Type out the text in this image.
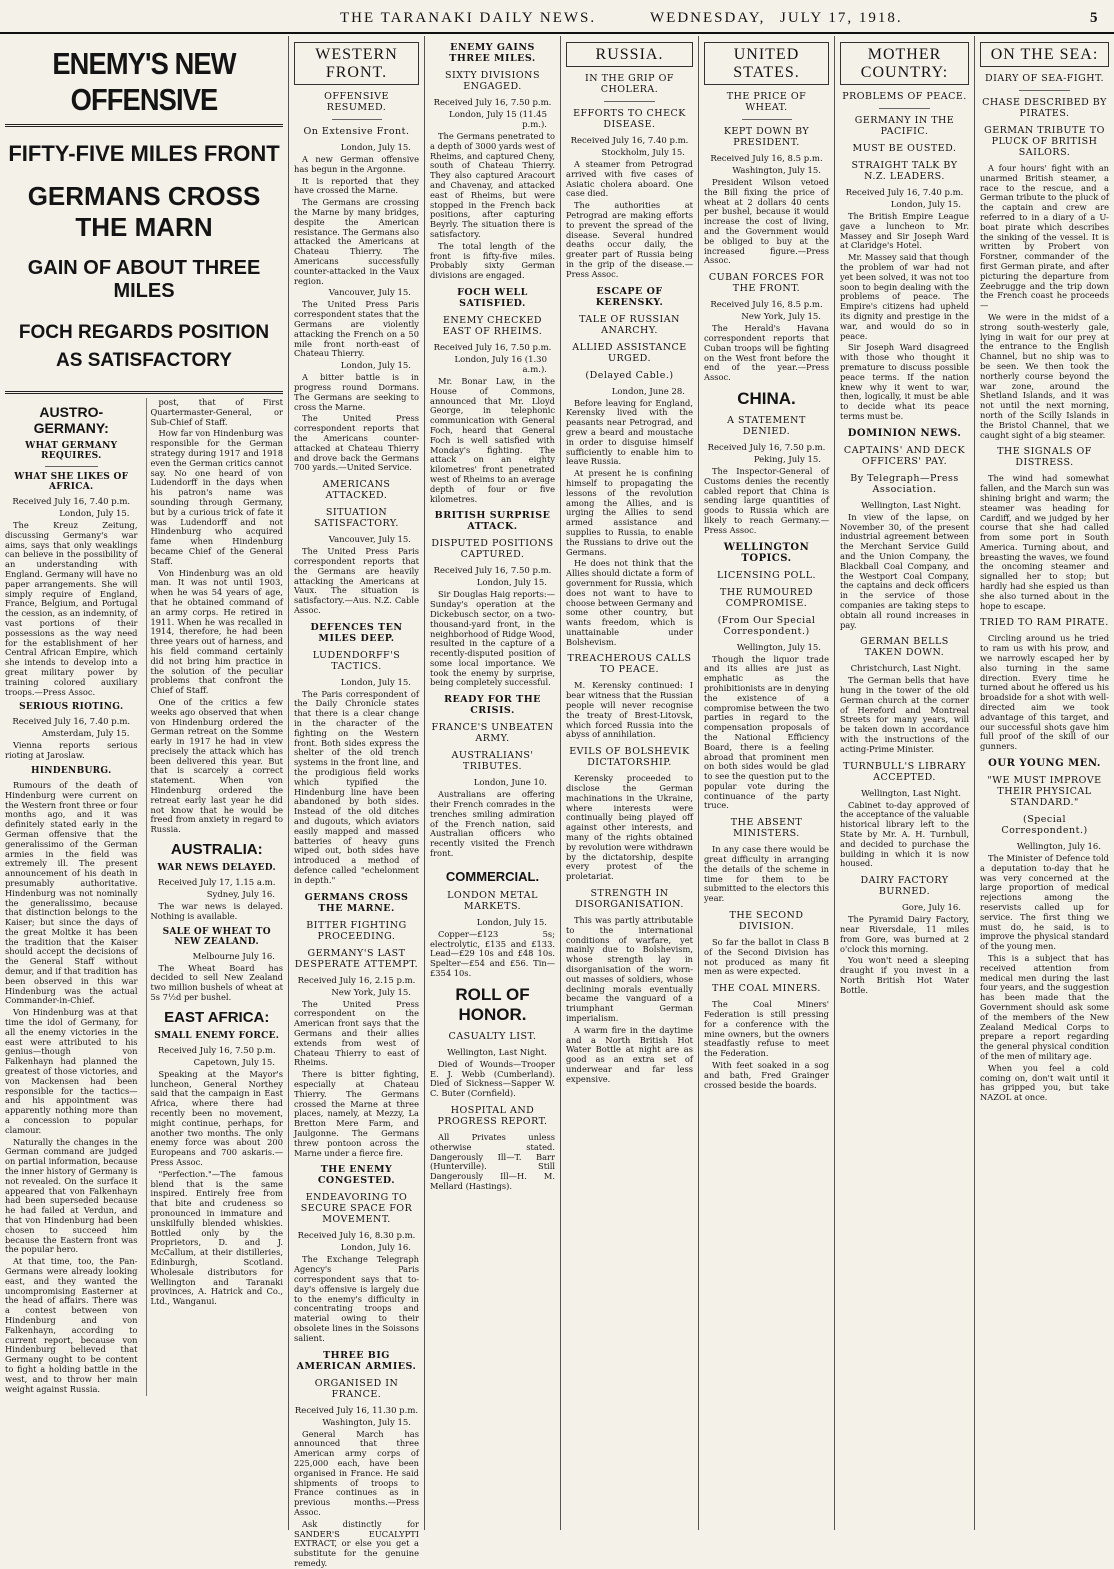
THE TARANAKI DAILY NEWS.	WEDNESDAY, JULY 17, 1918.	5
ENEMY'S NEW OFFENSIVE
FIFTY-FIVE MILES FRONT
GERMANS CROSS THE MARN
GAIN OF ABOUT THREE MILES
FOCH REGARDS POSITION AS SATISFACTORY
AUSTRO-GERMANY:
WHAT GERMANY REQUIRES.
WHAT SHE LIKES OF AFRICA.
Received July 16, 7.40 p.m.
London, July 15.

The Kreuz Zeitung, discussing Germany's war aims, says that only weaklings can believe in the possibility of an understanding with England. Germany will have no paper arrangements. She will simply require of England, France, Belgium, and Portugal the cession, as an indemnity, of vast portions of their possessions as the way need for the establishment of her Central African Empire, which she intends to develop into a great military power by training colored auxiliary troops.—Press Assoc.

SERIOUS RIOTING.
Received July 16, 7.40 p.m.
Amsterdam, July 15.

Vienna reports serious rioting at Jaroslaw.

HINDENBURG.

Rumours of the death of Hindenburg were current on the Western front three or four months ago, and it was definitely stated early in the German offensive that the generalissimo of the German armies in the field was extremely ill. The present announcement of his death in presumably authoritative. Hindenburg was not nominally the generalissimo, because that distinction belongs to the Kaiser; but since the days of the great Moltke it has been the tradition that the Kaiser should accept the decisions of the General Staff without demur, and if that tradition has been observed in this war Hindenburg was the actual Commander-in-Chief.

Von Hindenburg was at that time the idol of Germany, for all the enemy victories in the east were attributed to his genius—though von Falkenhayn had planned the greatest of those victories, and von Mackensen had been responsible for the tactics—and his appointment was apparently nothing more than a concession to popular clamour.

Naturally the changes in the German command are judged on partial information, because the inner history of Germany is not revealed. On the surface it appeared that von Falkenhayn had been superseded because he had failed at Verdun, and that von Hindenburg had been chosen to succeed him because the Eastern front was the popular hero.

At that time, too, the Pan-Germans were already looking east, and they wanted the uncompromising Easterner at the head of affairs. There was a contest between von Hindenburg and von Falkenhayn, according to current report, because von Hindenburg believed that Germany ought to be content to fight a holding battle in the west, and to throw her main weight against Russia.

post, that of First Quartermaster-General, or Sub-Chief of Staff.

How far von Hindenburg was responsible for the German strategy during 1917 and 1918 even the German critics cannot say. No one heard of von Ludendorff in the days when his patron's name was sounding through Germany, but by a curious trick of fate it was Ludendorff and not Hindenburg who acquired fame when Hindenburg became Chief of the General Staff.

Von Hindenburg was an old man. It was not until 1903, when he was 54 years of age, that he obtained command of an army corps. He retired in 1911. When he was recalled in 1914, therefore, he had been three years out of harness, and his field command certainly did not bring him practice in the solution of the peculiar problems that confront the Chief of Staff.

One of the critics a few weeks ago observed that when von Hindenburg ordered the German retreat on the Somme early in 1917 he had in view precisely the attack which has been delivered this year. But that is scarcely a correct statement. When von Hindenburg ordered the retreat early last year he did not know that he would be freed from anxiety in regard to Russia.

AUSTRALIA:
WAR NEWS DELAYED.
Received July 17, 1.15 a.m.
Sydney, July 16.

The war news is delayed. Nothing is available.

SALE OF WHEAT TO NEW ZEALAND.
Melbourne July 16.

The Wheat Board has decided to sell New Zealand two million bushels of wheat at 5s 7½d per bushel.

EAST AFRICA:
SMALL ENEMY FORCE.
Received July 16, 7.50 p.m.
Capetown, July 15.

Speaking at the Mayor's luncheon, General Northey said that the campaign in East Africa, where there had recently been no movement, might continue, perhaps, for another two months. The only enemy force was about 200 Europeans and 700 askaris.—Press Assoc.

"Perfection."—The famous blend that is the same inspired. Entirely free from that bite and crudeness so pronounced in immature and unskilfully blended whiskies. Bottled only by the Proprietors, D. and J. McCallum, at their distilleries, Edinburgh, Scotland. Wholesale distributors for Wellington and Taranaki provinces, A. Hatrick and Co., Ltd., Wanganui.

WESTERN FRONT.
OFFENSIVE RESUMED.
On Extensive Front.
London, July 15.

A new German offensive has begun in the Argonne.

It is reported that they have crossed the Marne.

The Germans are crossing the Marne by many bridges, despite the American resistance. The Germans also attacked the Americans at Chateau Thierry. The Americans successfully counter-attacked in the Vaux region.

Vancouver, July 15.

The United Press Paris correspondent states that the Germans are violently attacking the French on a 50 mile front north-east of Chateau Thierry.

London, July 15.

A bitter battle is in progress round Dormans. The Germans are seeking to cross the Marne.

The United Press correspondent reports that the Americans counter-attacked at Chateau Thierry and drove back the Germans 700 yards.—United Service.

AMERICANS ATTACKED.
SITUATION SATISFACTORY.
Vancouver, July 15.

The United Press Paris correspondent reports that the Germans are heavily attacking the Americans at Vaux. The situation is satisfactory.—Aus. N.Z. Cable Assoc.

DEFENCES TEN MILES DEEP.
LUDENDORFF'S TACTICS.
London, July 15.

The Paris correspondent of the Daily Chronicle states that there is a clear change in the character of the fighting on the Western front. Both sides express the shelter of the old trench systems in the front line, and the prodigious field works which typified the Hindenburg line have been abandoned by both sides. Instead of the old ditches and dugouts, which aviators easily mapped and massed batteries of heavy guns wiped out, both sides have introduced a method of defence called "echelonment in depth."

GERMANS CROSS THE MARNE.
BITTER FIGHTING PROCEEDING.
GERMANY'S LAST DESPERATE ATTEMPT.
Received July 16, 2.15 p.m.
New York, July 15.

The United Press correspondent on the American front says that the Germans and their allies extends from west of Chateau Thierry to east of Rheims.

There is bitter fighting, especially at Chateau Thierry. The Germans crossed the Marne at three places, namely, at Mezzy, La Bretton Mere Farm, and Jaulgonne. The Germans threw pontoon across the Marne under a fierce fire.

THE ENEMY CONGESTED.
ENDEAVORING TO SECURE SPACE FOR MOVEMENT.
Received July 16, 8.30 p.m.
London, July 16.

The Exchange Telegraph Agency's Paris correspondent says that to-day's offensive is largely due to the enemy's difficulty in concentrating troops and material owing to their obsolete lines in the Soissons salient.

THREE BIG AMERICAN ARMIES.
ORGANISED IN FRANCE.
Received July 16, 11.30 p.m.
Washington, July 15.

General March has announced that three American army corps of 225,000 each, have been organised in France. He said shipments of troops to France continues as in previous months.—Press Assoc.

Ask distinctly for SANDER'S EUCALYPTI EXTRACT, or else you get a substitute for the genuine remedy.

ENEMY GAINS THREE MILES.
SIXTY DIVISIONS ENGAGED.
Received July 16, 7.50 p.m.
London, July 15 (11.45 p.m.).

The Germans penetrated to a depth of 3000 yards west of Rheims, and captured Cheny, south of Chateau Thierry. They also captured Aracourt and Chavenay, and attacked east of Rheims, but were stopped in the French back positions, after capturing Beyrly. The situation there is satisfactory.

The total length of the front is fifty-five miles. Probably sixty German divisions are engaged.

FOCH WELL SATISFIED.
ENEMY CHECKED EAST OF RHEIMS.
Received July 16, 7.50 p.m.
London, July 16 (1.30 a.m.).

Mr. Bonar Law, in the House of Commons, announced that Mr. Lloyd George, in telephonic communication with General Foch, heard that General Foch is well satisfied with Monday's fighting. The attack on an eighty kilometres' front penetrated west of Rheims to an average depth of four or five kilometres.

BRITISH SURPRISE ATTACK.
DISPUTED POSITIONS CAPTURED.
Received July 16, 7.50 p.m.
London, July 15.

Sir Douglas Haig reports:—Sunday's operation at the Dickebusch sector, on a two-thousand-yard front, in the neighborhood of Ridge Wood, resulted in the capture of a recently-disputed position of some local importance. We took the enemy by surprise, being completely successful.

READY FOR THE CRISIS.
FRANCE'S UNBEATEN ARMY.
AUSTRALIANS' TRIBUTES.
London, June 10.

Australians are offering their French comrades in the trenches smiling admiration of the French nation, said Australian officers who recently visited the French front.

COMMERCIAL.
LONDON METAL MARKETS.
London, July 15.

Copper—£123 5s; electrolytic, £135 and £133. Lead—£29 10s and £48 10s. Spelter—£54 and £56. Tin—£354 10s.

ROLL OF HONOR.
CASUALTY LIST.
Wellington, Last Night.

Died of Wounds—Trooper E. J. Webb (Cumberland). Died of Sickness—Sapper W. C. Buter (Cornfield).

HOSPITAL AND PROGRESS REPORT.

All Privates unless otherwise stated. Dangerously Ill—T. Barr (Hunterville). Still Dangerously Ill—H. M. Mellard (Hastings).

RUSSIA.
IN THE GRIP OF CHOLERA.
EFFORTS TO CHECK DISEASE.
Received July 16, 7.40 p.m.
Stockholm, July 15.

A steamer from Petrograd arrived with five cases of Asiatic cholera aboard. One case died.

The authorities at Petrograd are making efforts to prevent the spread of the disease. Several hundred deaths occur daily, the greater part of Russia being in the grip of the disease.—Press Assoc.

ESCAPE OF KERENSKY.
TALE OF RUSSIAN ANARCHY.
ALLIED ASSISTANCE URGED.
(Delayed Cable.)
London, June 28.

Before leaving for England, Kerensky lived with the peasants near Petrograd, and grew a beard and moustache in order to disguise himself sufficiently to enable him to leave Russia.

At present he is confining himself to propagating the lessons of the revolution among the Allies, and is urging the Allies to send armed assistance and supplies to Russia, to enable the Russians to drive out the Germans.

He does not think that the Allies should dictate a form of government for Russia, which does not want to have to choose between Germany and some other country, but wants freedom, which is unattainable under Bolshevism.

TREACHEROUS CALLS TO PEACE.

M. Kerensky continued: I bear witness that the Russian people will never recognise the treaty of Brest-Litovsk, which forced Russia into the abyss of annihilation.

EVILS OF BOLSHEVIK DICTATORSHIP.

Kerensky proceeded to disclose the German machinations in the Ukraine, where interests were continually being played off against other interests, and many of the rights obtained by revolution were withdrawn by the dictatorship, despite every protest of the proletariat.

STRENGTH IN DISORGANISATION.

This was partly attributable to the international conditions of warfare, yet mainly due to Bolshevism, whose strength lay in disorganisation of the worn-out masses of soldiers, whose declining morals eventually became the vanguard of a triumphant German imperialism.

A warm fire in the daytime and a North British Hot Water Bottle at night are as good as an extra set of underwear and far less expensive.

UNITED STATES.
THE PRICE OF WHEAT.
KEPT DOWN BY PRESIDENT.
Received July 16, 8.5 p.m.
Washington, July 15.

President Wilson vetoed the Bill fixing the price of wheat at 2 dollars 40 cents per bushel, because it would increase the cost of living, and the Government would be obliged to buy at the increased figure.—Press Assoc.

CUBAN FORCES FOR THE FRONT.
Received July 16, 8.5 p.m.
New York, July 15.

The Herald's Havana correspondent reports that Cuban troops will be fighting on the West front before the end of the year.—Press Assoc.

CHINA.
A STATEMENT DENIED.
Received July 16, 7.50 p.m.
Peking, July 15.

The Inspector-General of Customs denies the recently cabled report that China is sending large quantities of goods to Russia which are likely to reach Germany.—Press Assoc.

WELLINGTON TOPICS.
LICENSING POLL.
THE RUMOURED COMPROMISE.
(From Our Special Correspondent.)
Wellington, July 15.

Though the liquor trade and its allies are just as emphatic as the prohibitionists are in denying the existence of a compromise between the two parties in regard to the compensation proposals of the National Efficiency Board, there is a feeling abroad that prominent men on both sides would be glad to see the question put to the popular vote during the continuance of the party truce.

THE ABSENT MINISTERS.

In any case there would be great difficulty in arranging the details of the scheme in time for them to be submitted to the electors this year.

THE SECOND DIVISION.

So far the ballot in Class B of the Second Division has not produced as many fit men as were expected.

THE COAL MINERS.

The Coal Miners' Federation is still pressing for a conference with the mine owners, but the owners steadfastly refuse to meet the Federation.

With feet soaked in a sog and bath, Fred Grainger crossed beside the boards.

MOTHER COUNTRY:
PROBLEMS OF PEACE.
GERMANY IN THE PACIFIC.
MUST BE OUSTED.
STRAIGHT TALK BY N.Z. LEADERS.
Received July 16, 7.40 p.m.
London, July 15.

The British Empire League gave a luncheon to Mr. Massey and Sir Joseph Ward at Claridge's Hotel.

Mr. Massey said that though the problem of war had not yet been solved, it was not too soon to begin dealing with the problems of peace. The Empire's citizens had upheld its dignity and prestige in the war, and would do so in peace.

Sir Joseph Ward disagreed with those who thought it premature to discuss possible peace terms. If the nation knew why it went to war, then, logically, it must be able to decide what its peace terms must be.

DOMINION NEWS.
CAPTAINS' AND DECK OFFICERS' PAY.
By Telegraph—Press Association.
Wellington, Last Night.

In view of the lapse, on November 30, of the present industrial agreement between the Merchant Service Guild and the Union Company, the Blackball Coal Company, and the Westport Coal Company, the captains and deck officers in the service of those companies are taking steps to obtain all round increases in pay.

GERMAN BELLS TAKEN DOWN.
Christchurch, Last Night.

The German bells that have hung in the tower of the old German church at the corner of Hereford and Montreal Streets for many years, will be taken down in accordance with the instructions of the acting-Prime Minister.

TURNBULL'S LIBRARY ACCEPTED.
Wellington, Last Night.

Cabinet to-day approved of the acceptance of the valuable historical library left to the State by Mr. A. H. Turnbull, and decided to purchase the building in which it is now housed.

DAIRY FACTORY BURNED.
Gore, July 16.

The Pyramid Dairy Factory, near Riversdale, 11 miles from Gore, was burned at 2 o'clock this morning.

You won't need a sleeping draught if you invest in a North British Hot Water Bottle.

ON THE SEA:
DIARY OF SEA-FIGHT.
CHASE DESCRIBED BY PIRATES.
GERMAN TRIBUTE TO PLUCK OF BRITISH SAILORS.

A four hours' fight with an unarmed British steamer, a race to the rescue, and a German tribute to the pluck of the captain and crew are referred to in a diary of a U-boat pirate which describes the sinking of the vessel. It is written by Probert von Forstner, commander of the first German pirate, and after picturing the departure from Zeebrugge and the trip down the French coast he proceeds—

We were in the midst of a strong south-westerly gale, lying in wait for our prey at the entrance to the English Channel, but no ship was to be seen. We then took the northerly course beyond the war zone, around the Shetland Islands, and it was not until the next morning, north of the Scilly Islands in the Bristol Channel, that we caught sight of a big steamer.

THE SIGNALS OF DISTRESS.

The wind had somewhat fallen, and the March sun was shining bright and warm; the steamer was heading for Cardiff, and we judged by her course that she had called from some port in South America. Turning about, and breasting the waves, we found the oncoming steamer and signalled her to stop; but hardly had she espied us than she also turned about in the hope to escape.

TRIED TO RAM PIRATE.

Circling around us he tried to ram us with his prow, and we narrowly escaped her by also turning in the same direction. Every time he turned about he offered us his broadside for a shot with well-directed aim we took advantage of this target, and our successful shots gave him full proof of the skill of our gunners.

OUR YOUNG MEN.
"WE MUST IMPROVE THEIR PHYSICAL STANDARD."
(Special Correspondent.)
Wellington, July 16.

The Minister of Defence told a deputation to-day that he was very concerned at the large proportion of medical rejections among the reservists called up for service. The first thing we must do, he said, is to improve the physical standard of the young men.

This is a subject that has received attention from medical men during the last four years, and the suggestion has been made that the Government should ask some of the members of the New Zealand Medical Corps to prepare a report regarding the general physical condition of the men of military age.

When you feel a cold coming on, don't wait until it has gripped you, but take NAZOL at once.
